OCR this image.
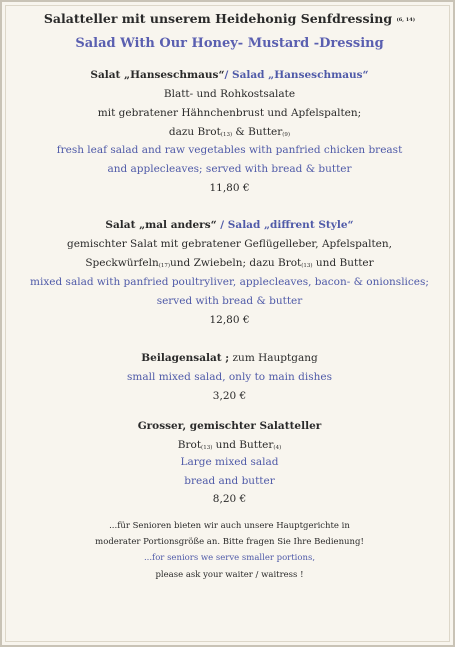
Salatteller mit unserem Heidehonig Senfdressing $^{(6, 14)}$
Salad With Our Honey- Mustard -Dressing
Salat „Hanseschmaus“/ Salad „Hanseschmaus“
Blatt- und Rohkostsalate
mit gebratener Hähnchenbrust und Apfelspalten;
dazu Brot(13) & Butter(9)
fresh leaf salad and raw vegetables with panfried chicken breast
and applecleaves; served with bread & butter
11,80 €
Salat „mal anders“ / Salad „diffrent Style“
gemischter Salat mit gebratener Geflügelleber, Apfelspalten,
Speckwürfeln(17)und Zwiebeln; dazu Brot(13) und Butter
mixed salad with panfried poultryliver, applecleaves, bacon- & onionslices;
served with bread & butter
12,80 €
Beilagensalat ; zum Hauptgang
small mixed salad, only to main dishes
3,20 €
Grosser, gemischter Salatteller
Brot(13) und Butter(4)
Large mixed salad
bread and butter
8,20 €
...für Senioren bieten wir auch unsere Hauptgerichte in
moderater Portionsgröße an. Bitte fragen Sie Ihre Bedienung!
...for seniors we serve smaller portions,
please ask your waiter / waitress !
